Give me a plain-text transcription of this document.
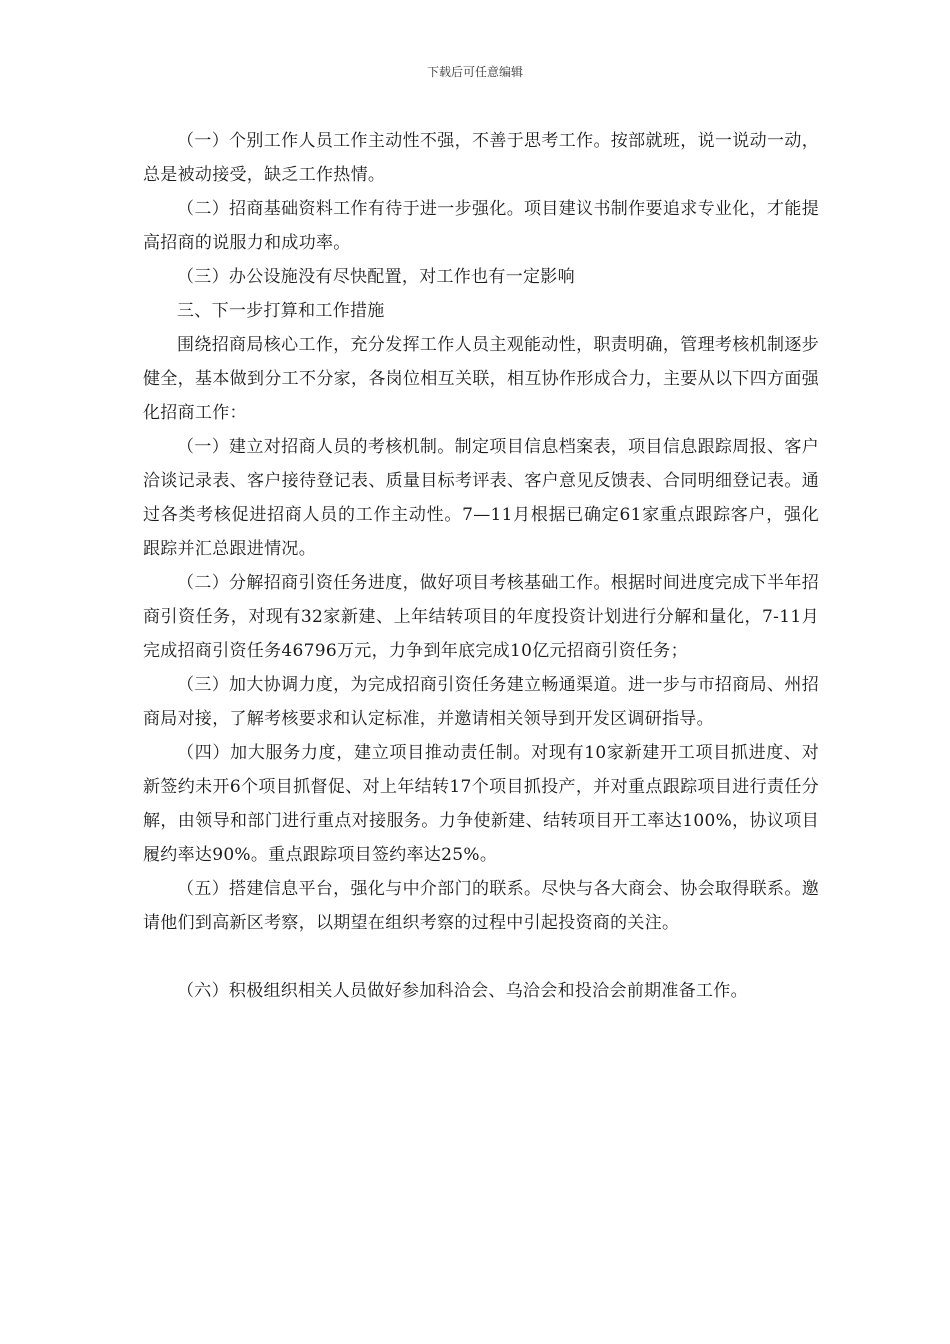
下载后可任意编辑

（一）个别工作人员工作主动性不强，不善于思考工作。按部就班，说一说动一动，总是被动接受，缺乏工作热情。

（二）招商基础资料工作有待于进一步强化。项目建议书制作要追求专业化，才能提高招商的说服力和成功率。

（三）办公设施没有尽快配置，对工作也有一定影响

三、下一步打算和工作措施

围绕招商局核心工作，充分发挥工作人员主观能动性，职责明确，管理考核机制逐步健全，基本做到分工不分家，各岗位相互关联，相互协作形成合力，主要从以下四方面强化招商工作：

（一）建立对招商人员的考核机制。制定项目信息档案表，项目信息跟踪周报、客户洽谈记录表、客户接待登记表、质量目标考评表、客户意见反馈表、合同明细登记表。通过各类考核促进招商人员的工作主动性。7—11月根据已确定61家重点跟踪客户，强化跟踪并汇总跟进情况。

（二）分解招商引资任务进度，做好项目考核基础工作。根据时间进度完成下半年招商引资任务，对现有32家新建、上年结转项目的年度投资计划进行分解和量化，7-11月完成招商引资任务46796万元，力争到年底完成10亿元招商引资任务；

（三）加大协调力度，为完成招商引资任务建立畅通渠道。进一步与市招商局、州招商局对接，了解考核要求和认定标准，并邀请相关领导到开发区调研指导。

（四）加大服务力度，建立项目推动责任制。对现有10家新建开工项目抓进度、对新签约未开6个项目抓督促、对上年结转17个项目抓投产，并对重点跟踪项目进行责任分解，由领导和部门进行重点对接服务。力争使新建、结转项目开工率达100%，协议项目履约率达90%。重点跟踪项目签约率达25%。

（五）搭建信息平台，强化与中介部门的联系。尽快与各大商会、协会取得联系。邀请他们到高新区考察，以期望在组织考察的过程中引起投资商的关注。

（六）积极组织相关人员做好参加科洽会、乌洽会和投洽会前期准备工作。
